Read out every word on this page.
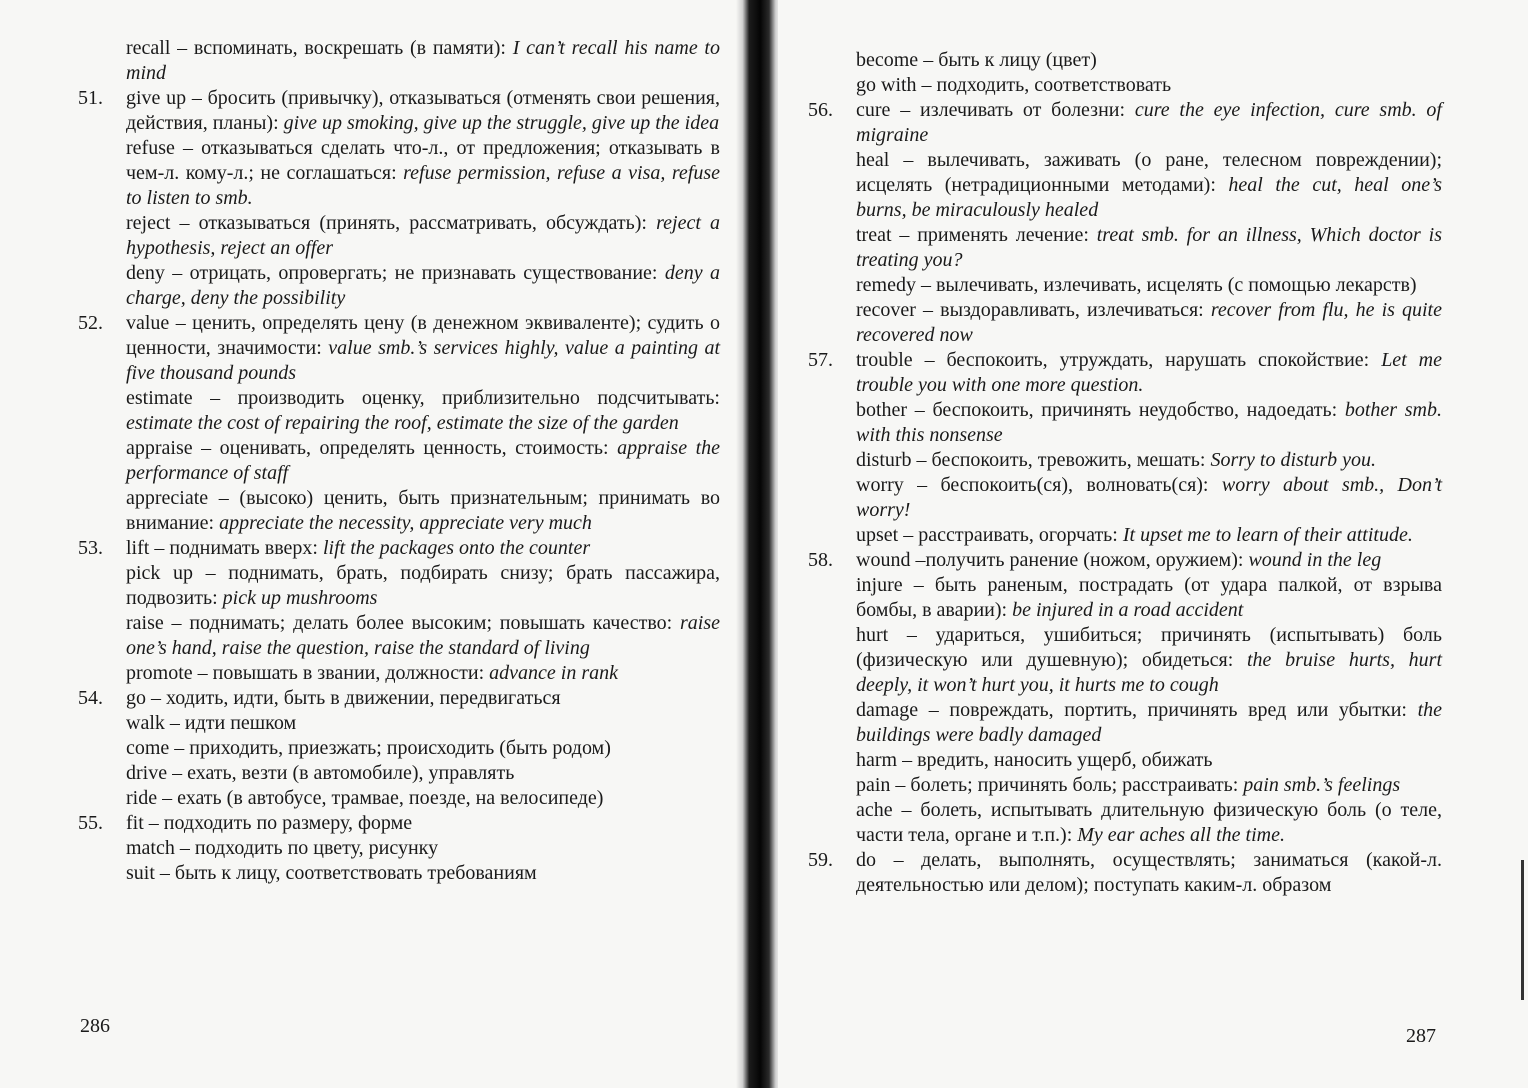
recall – вспоминать, воскрешать (в памяти): I can’t recall his name to mind

51. give up – бросить (привычку), отказываться (отменять свои решения, действия, планы): give up smoking, give up the struggle, give up the idea

refuse – отказываться сделать что-л., от предложения; отказывать в чем-л. кому-л.; не соглашаться: refuse permission, refuse a visa, refuse to listen to smb.

reject – отказываться (принять, рассматривать, обсуждать): reject a hypothesis, reject an offer

deny – отрицать, опровергать; не признавать существование: deny a charge, deny the possibility

52. value – ценить, определять цену (в денежном эквиваленте); судить о ценности, значимости: value smb.’s services highly, value a painting at five thousand pounds

estimate – производить оценку, приблизительно подсчитывать: estimate the cost of repairing the roof, estimate the size of the garden

appraise – оценивать, определять ценность, стоимость: appraise the performance of staff

appreciate – (высоко) ценить, быть признательным; принимать во внимание: appreciate the necessity, appreciate very much

53. lift – поднимать вверх: lift the packages onto the counter

pick up – поднимать, брать, подбирать снизу; брать пассажира, подвозить: pick up mushrooms

raise – поднимать; делать более высоким; повышать качество: raise one’s hand, raise the question, raise the standard of living

promote – повышать в звании, должности: advance in rank

54. go – ходить, идти, быть в движении, передвигаться

walk – идти пешком

come – приходить, приезжать; происходить (быть родом)

drive – ехать, везти (в автомобиле), управлять

ride – ехать (в автобусе, трамвае, поезде, на велосипеде)

55. fit – подходить по размеру, форме

match – подходить по цвету, рисунку

suit – быть к лицу, соответствовать требованиям

286

become – быть к лицу (цвет)

go with – подходить, соответствовать

56. cure – излечивать от болезни: cure the eye infection, cure smb. of migraine

heal – вылечивать, заживать (о ране, телесном повреждении); исцелять (нетрадиционными методами): heal the cut, heal one’s burns, be miraculously healed

treat – применять лечение: treat smb. for an illness, Which doctor is treating you?

remedy – вылечивать, излечивать, исцелять (с помощью лекарств)

recover – выздоравливать, излечиваться: recover from flu, he is quite recovered now

57. trouble – беспокоить, утруждать, нарушать спокойствие: Let me trouble you with one more question.

bother – беспокоить, причинять неудобство, надоедать: bother smb. with this nonsense

disturb – беспокоить, тревожить, мешать: Sorry to disturb you.

worry – беспокоить(ся), волновать(ся): worry about smb., Don’t worry!

upset – расстраивать, огорчать: It upset me to learn of their attitude.

58. wound –получить ранение (ножом, оружием): wound in the leg

injure – быть раненым, пострадать (от удара палкой, от взрыва бомбы, в аварии): be injured in a road accident

hurt – удариться, ушибиться; причинять (испытывать) боль (физическую или душевную); обидеться: the bruise hurts, hurt deeply, it won’t hurt you, it hurts me to cough

damage – повреждать, портить, причинять вред или убытки: the buildings were badly damaged

harm – вредить, наносить ущерб, обижать

pain – болеть; причинять боль; расстраивать: pain smb.’s feelings

ache – болеть, испытывать длительную физическую боль (о теле, части тела, органе и т.п.): My ear aches all the time.

59. do – делать, выполнять, осуществлять; заниматься (какой-л. деятельностью или делом); поступать каким-л. образом

287
